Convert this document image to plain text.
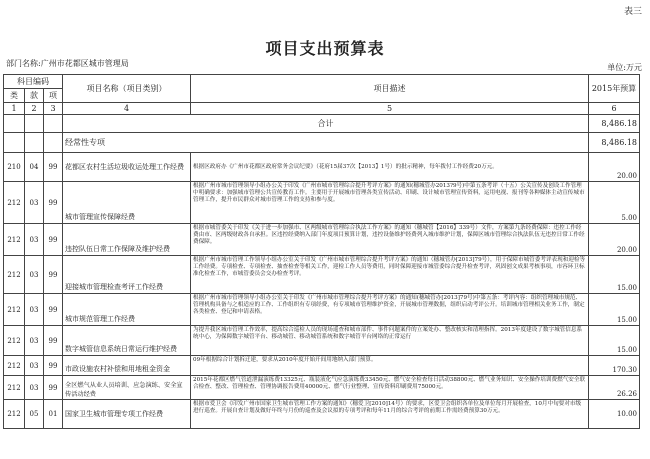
表三
项目支出预算表
部门名称:广州市花都区城市管理局	单位:万元
科目编码			项目名称（项目类别）	项目描述	2015年预算
类	款	项			
1	2	3	4	5	6
			合计		8,486.18
			经常性专项		8,486.18
210	04	99	花都区农村生活垃圾收运处理工作经费	根据区政府办《广州市花都区政府常务会议纪要》（花府15届37次【2013】1号）的批示精神，每年拨付工作经费20万元。	20.00
212	03	99	城市管理宣传保障经费	根据广州市城市管理领导小组办公关于印发《广州市城市管理综合提升考评方案》的通知(穗城管办2013?9号)中第五条考评（十五）公关宣传及创设工作管理中明确要求：加强城市管理公共宣传教育工作。主要用于开展城市管理各类宣传活动、印刷、设计城市管理宣传资料，运用电视、报刊等各种媒体主动宣传城市管理工作，提升市民群众对城市管理工作的支持和参与度。	5.00
212	03	99	违控队伍日常工作保障及维护经费	根据市城管委关于印发《关于进一步加强市、区两级城市管理综合执法工作方案》的通知（穗城管【2016】339号）文件，方案第九条经费保障：违控工作经费由市、区两级财政各自承担。区违控经费纳入部门年度项目预算计划，违控设备维护经费列入城市维护计划，保障区城市管理综合执法队伍无违控日常工作经费保障。	20.00
212	03	99	迎接城市管理检查考评工作经费	根据广州市城市管理工作领导小组办公室关于印发《广州市城市管理综合提升考评方案》的通知（穗城管办[2013]79号），用于保障市城管委考评表现和迎检等工作经费。专项检查、专项检查、抽查检查等相关工作，迎检工作人员等费用，同时保障迎接市城管委综合提升检查考评，巩固创文成果考核事项，市容环卫标准化检查工作，市城管委员会交办检查考评。	15.00
212	03	99	城市规范管理工作经费	根据广州市城市管理领导小组办公室关于印发《广州市城市管理综合提升考评方案》的通知(穗城管办[2013]79号)中第五条：考评内容：组织管理城市规范、管理机构具备与之相适应的工作、工作组织有专项经费，有专项城市管理维护资金，开展城市管理数据，组织启动考评公开。培训城市管理相关业务工作，制定各类检查、登记和申请表格。	15.00
212	03	99	数字城管信息系统日常运行维护经费	为提升我区城市管理工作效率，提高综合巡检人员的现场遥查和城市部件、事件问题案件的立案处办、整改核实和清理指挥。2013年度建设了数字城管信息系统中心，为保障数字城管平台、移动城管、移动城管系统和数字城管平台网络的正常运行	15.00
212	03	99	市政设施农村补偿和用地租金资金	09年根据综合计划拆迁建，要求从2010年度开始开间用地纳入部门预算。	170.30
212	03	99	全区燃气从业人员培训、应急演练、安全宣传活动经费	2015年花都区燃气管道泄漏演练费13325元、瓶装液化气应急演练费33450元、燃气安全检查每日活动38800元、燃气业务知识、安全操作培训费燃气安全联合检查、整改、管理检查、管理协调报告费用40000元、燃气行业整理、宣传资料印刷费用75000元。	26.26
212	05	01	国家卫生城市管理专项工作经费	根据市爱卫会《印发广州市国家卫生城市管理工作方案的通知》（穗爱卫[2010]14号）的要求，区爱卫会组织各单位及单位每月开展检查，10月中旬要对市级进行巡查。开展自查计划及做好年终与月份的巡查及会议拟的专项考评和每年11月的综合考评的前期工作需经费预算30万元。	10.00
